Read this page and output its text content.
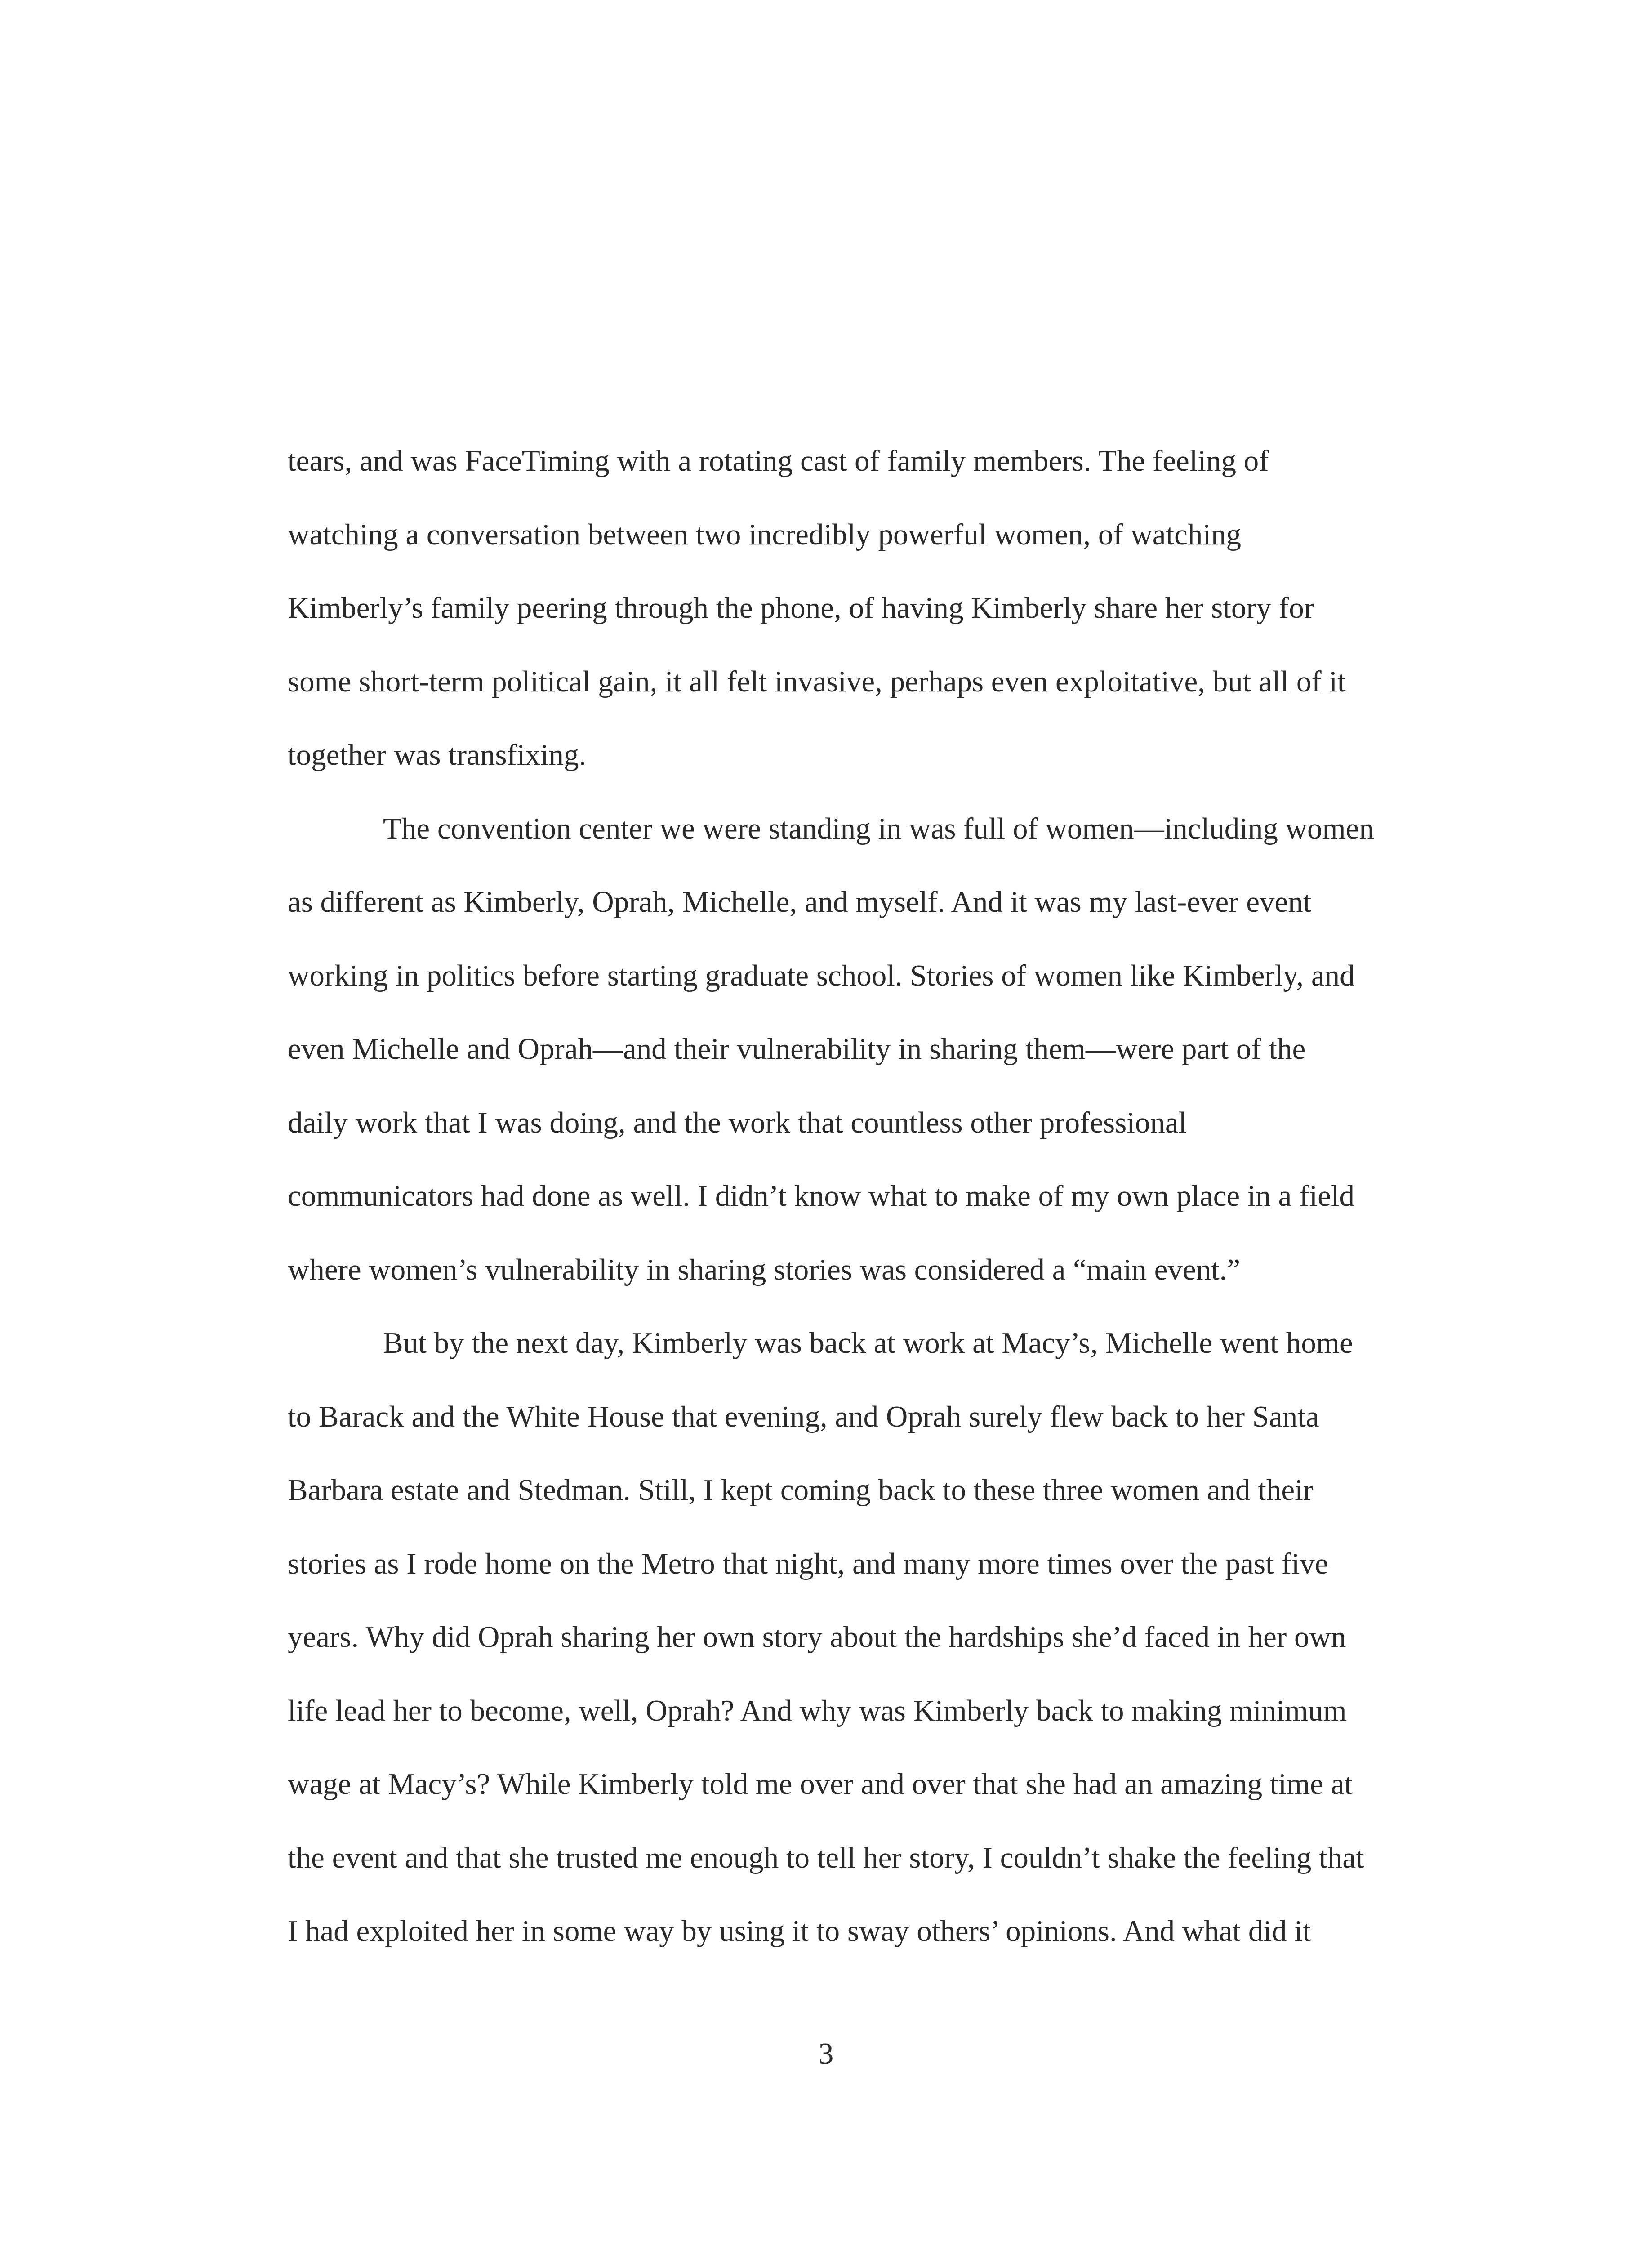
tears, and was FaceTiming with a rotating cast of family members. The feeling of
watching a conversation between two incredibly powerful women, of watching
Kimberly’s family peering through the phone, of having Kimberly share her story for
some short-term political gain, it all felt invasive, perhaps even exploitative, but all of it
together was transfixing.
The convention center we were standing in was full of women—including women
as different as Kimberly, Oprah, Michelle, and myself. And it was my last-ever event
working in politics before starting graduate school. Stories of women like Kimberly, and
even Michelle and Oprah—and their vulnerability in sharing them—were part of the
daily work that I was doing, and the work that countless other professional
communicators had done as well. I didn’t know what to make of my own place in a field
where women’s vulnerability in sharing stories was considered a “main event.”
But by the next day, Kimberly was back at work at Macy’s, Michelle went home
to Barack and the White House that evening, and Oprah surely flew back to her Santa
Barbara estate and Stedman. Still, I kept coming back to these three women and their
stories as I rode home on the Metro that night, and many more times over the past five
years. Why did Oprah sharing her own story about the hardships she’d faced in her own
life lead her to become, well, Oprah? And why was Kimberly back to making minimum
wage at Macy’s? While Kimberly told me over and over that she had an amazing time at
the event and that she trusted me enough to tell her story, I couldn’t shake the feeling that
I had exploited her in some way by using it to sway others’ opinions. And what did it
3
